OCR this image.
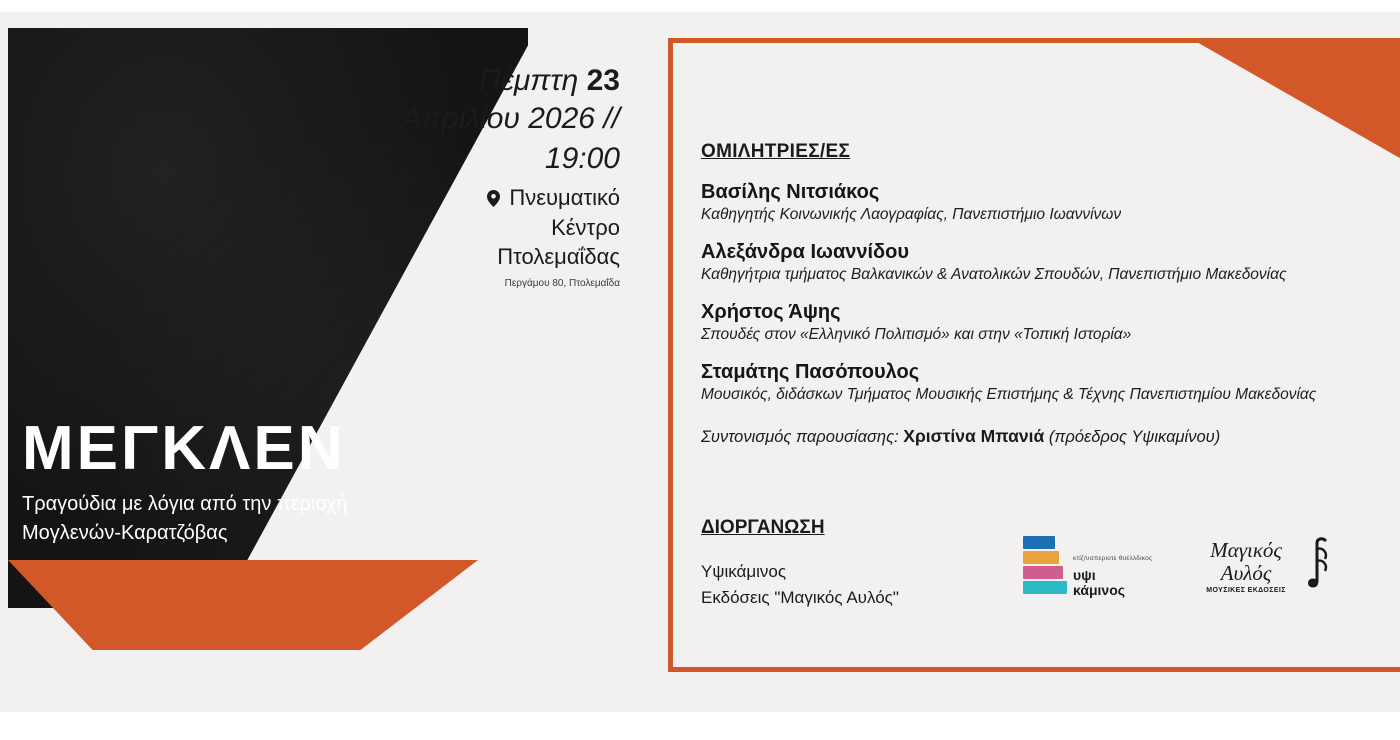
ΜΕΓΚΛΕΝ
Τραγούδια με λόγια από την περιοχή Μογλενών-Καρατζόβας
Πέμπτη 23
Απριλίου 2026 //
19:00
Πνευματικό
Κέντρο
Πτολεμαΐδας
Περγάμου 80, Πτολεμαΐδα
ΟΜΙΛΗΤΡΙΕΣ/ΕΣ
Βασίλης Νιτσιάκος
Καθηγητής Κοινωνικής Λαογραφίας, Πανεπιστήμιο Ιωαννίνων
Αλεξάνδρα Ιωαννίδου
Καθηγήτρια τμήματος Βαλκανικών & Ανατολικών Σπουδών, Πανεπιστήμιο Μακεδονίας
Χρήστος Άψης
Σπουδές στον «Ελληνικό Πολιτισμό» και στην «Τοπική Ιστορία»
Σταμάτης Πασόπουλος
Μουσικός, διδάσκων Τμήματος Μουσικής Επιστήμης & Τέχνης Πανεπιστημίου Μακεδονίας
Συντονισμός παρουσίασης: Χριστίνα Μπανιά (πρόεδρος Υψικαμίνου)
ΔΙΟΡΓΑΝΩΣΗ
Υψικάμινος
Εκδόσεις "Μαγικός Αυλός"
κτίζ/υσπεριοτε θυέλλδικος
υψι
κάμινος
Μαγικός
Αυλός
ΜΟΥΣΙΚΕΣ ΕΚΔΟΣΕΙΣ
